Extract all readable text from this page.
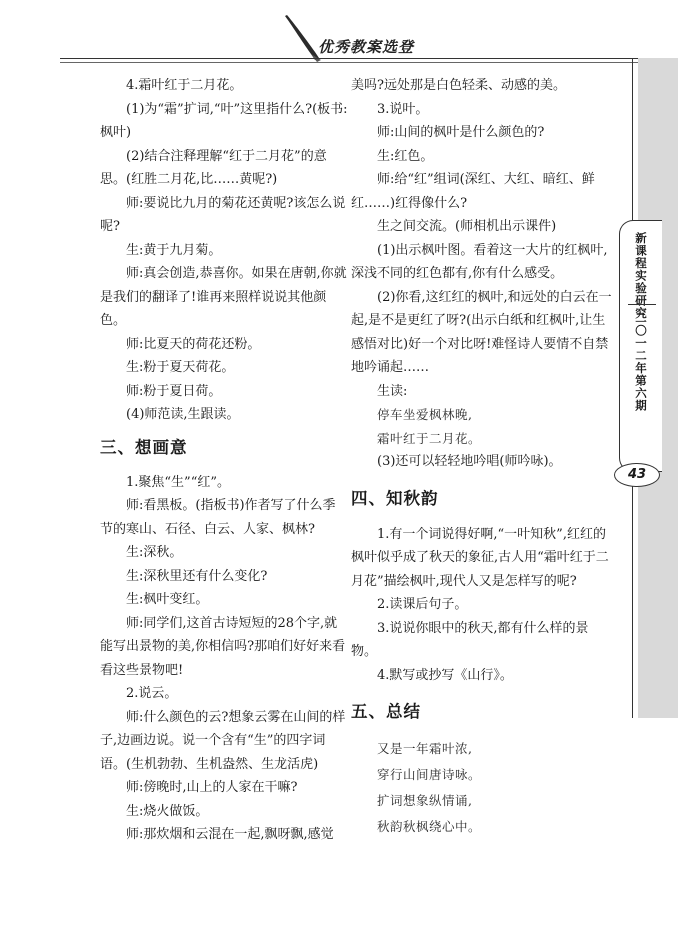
优秀教案选登
新课程实验研究
二〇一二年第六期
43

4.霜叶红于二月花。

(1)为“霜”扩词,“叶”这里指什么?(板书:枫叶)

(2)结合注释理解“红于二月花”的意思。(红胜二月花,比……黄呢?)

师:要说比九月的菊花还黄呢?该怎么说呢?

生:黄于九月菊。

师:真会创造,恭喜你。如果在唐朝,你就是我们的翻译了!谁再来照样说说其他颜色。

师:比夏天的荷花还粉。

生:粉于夏天荷花。

师:粉于夏日荷。

(4)师范读,生跟读。

三、想画意

1.聚焦“生”“红”。

师:看黑板。(指板书)作者写了什么季节的寒山、石径、白云、人家、枫林?

生:深秋。

生:深秋里还有什么变化?

生:枫叶变红。

师:同学们,这首古诗短短的28个字,就能写出景物的美,你相信吗?那咱们好好来看看这些景物吧!

2.说云。

师:什么颜色的云?想象云雾在山间的样子,边画边说。说一个含有“生”的四字词语。(生机勃勃、生机盎然、生龙活虎)

师:傍晚时,山上的人家在干嘛?

生:烧火做饭。

师:那炊烟和云混在一起,飘呀飘,感觉

美吗?远处那是白色轻柔、动感的美。

3.说叶。

师:山间的枫叶是什么颜色的?

生:红色。

师:给“红”组词(深红、大红、暗红、鲜红……)红得像什么?

生之间交流。(师相机出示课件)

(1)出示枫叶图。看着这一大片的红枫叶,深浅不同的红色都有,你有什么感受。

(2)你看,这红红的枫叶,和远处的白云在一起,是不是更红了呀?(出示白纸和红枫叶,让生感悟对比)好一个对比呀!难怪诗人要情不自禁地吟诵起……

生读:

停车坐爱枫林晚,

霜叶红于二月花。

(3)还可以轻轻地吟唱(师吟咏)。

四、知秋韵

1.有一个词说得好啊,“一叶知秋”,红红的枫叶似乎成了秋天的象征,古人用“霜叶红于二月花”描绘枫叶,现代人又是怎样写的呢?

2.读课后句子。

3.说说你眼中的秋天,都有什么样的景物。

4.默写或抄写《山行》。

五、总结

又是一年霜叶浓,

穿行山间唐诗咏。

扩词想象纵情诵,

秋韵秋枫绕心中。
